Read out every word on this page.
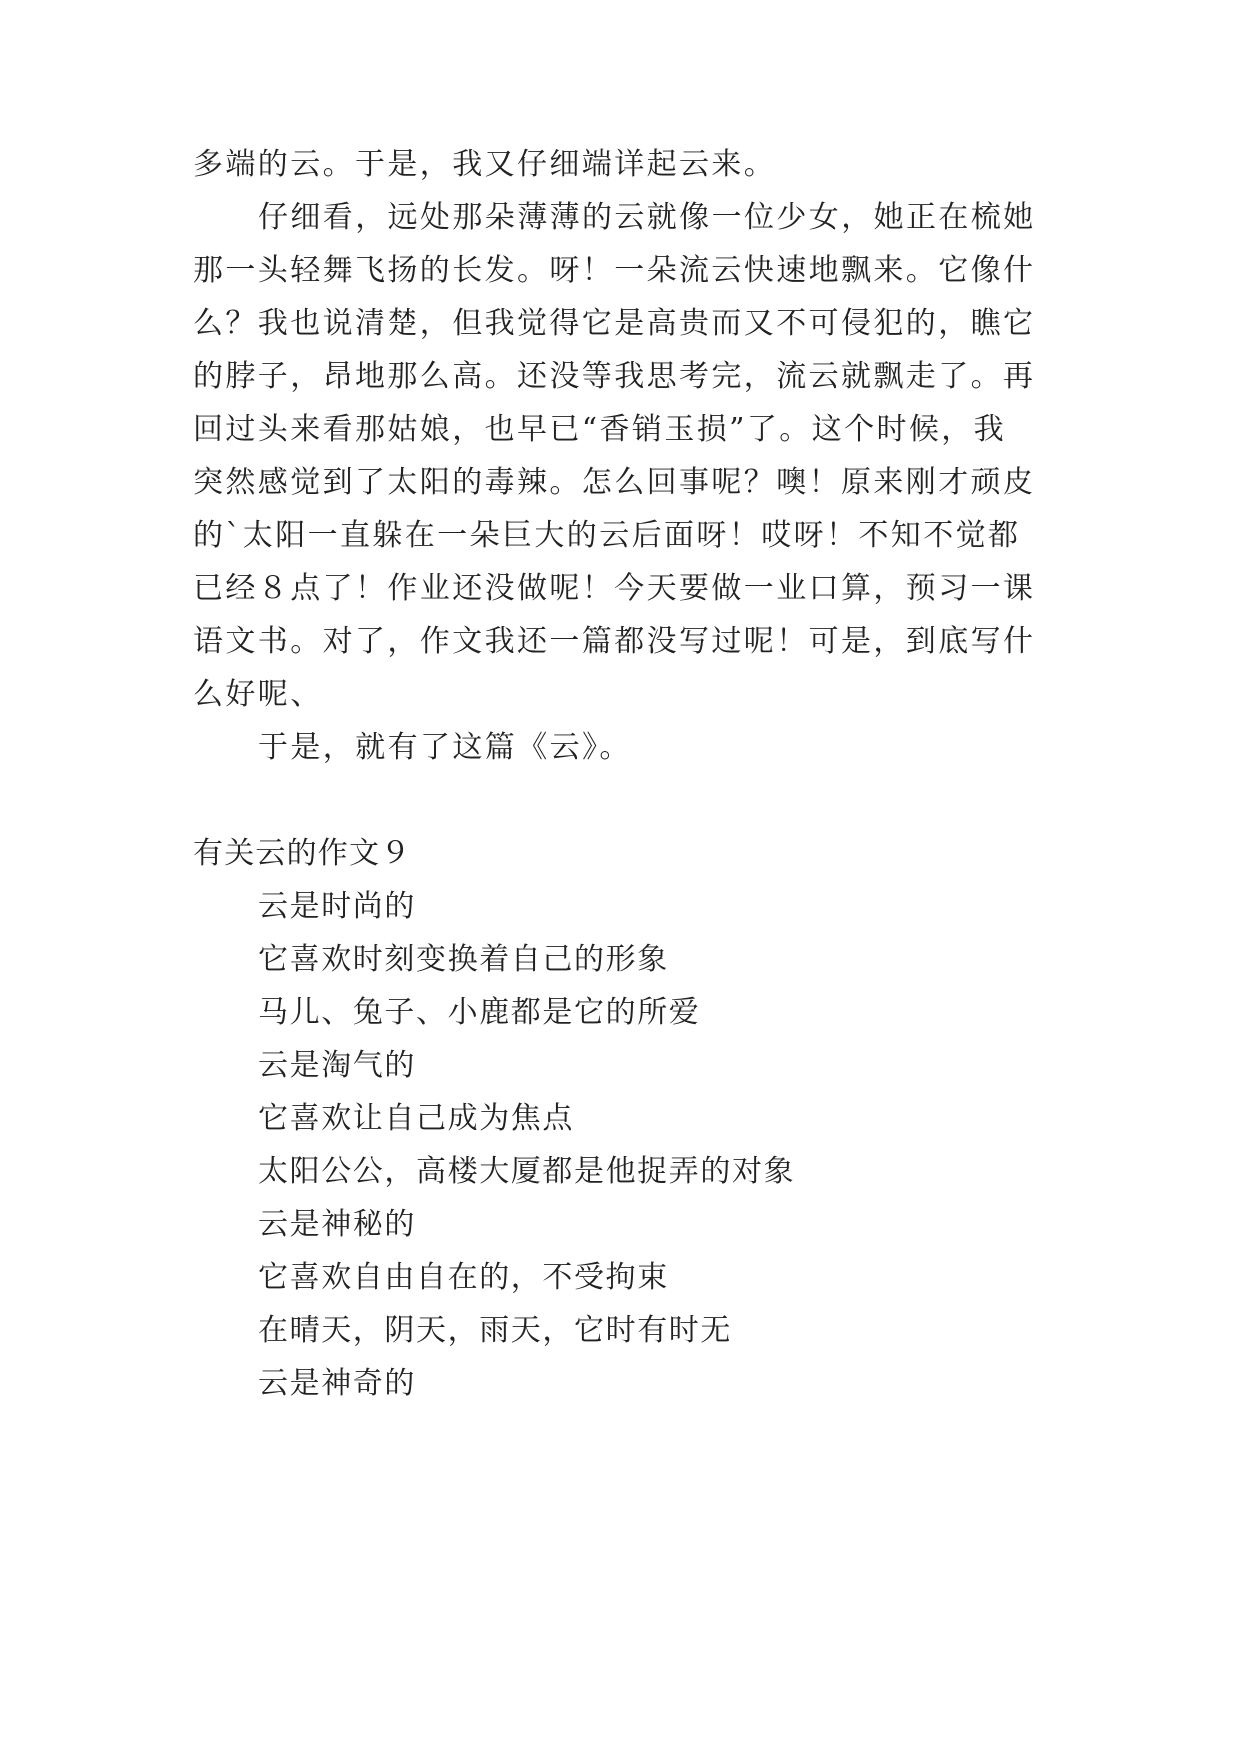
多端的云。于是，我又仔细端详起云来。
仔细看，远处那朵薄薄的云就像一位少女，她正在梳她
那一头轻舞飞扬的长发。呀！一朵流云快速地飘来。它像什
么？我也说清楚，但我觉得它是高贵而又不可侵犯的，瞧它
的脖子，昂地那么高。还没等我思考完，流云就飘走了。再
回过头来看那姑娘，也早已“香销玉损”了。这个时候，我
突然感觉到了太阳的毒辣。怎么回事呢？噢！原来刚才顽皮
的`太阳一直躲在一朵巨大的云后面呀！哎呀！不知不觉都
已经８点了！作业还没做呢！今天要做一业口算，预习一课
语文书。对了，作文我还一篇都没写过呢！可是，到底写什
么好呢、
于是，就有了这篇《云》。
有关云的作文９
云是时尚的
它喜欢时刻变换着自己的形象
马儿、兔子、小鹿都是它的所爱
云是淘气的
它喜欢让自己成为焦点
太阳公公，高楼大厦都是他捉弄的对象
云是神秘的
它喜欢自由自在的，不受拘束
在晴天，阴天，雨天，它时有时无
云是神奇的
